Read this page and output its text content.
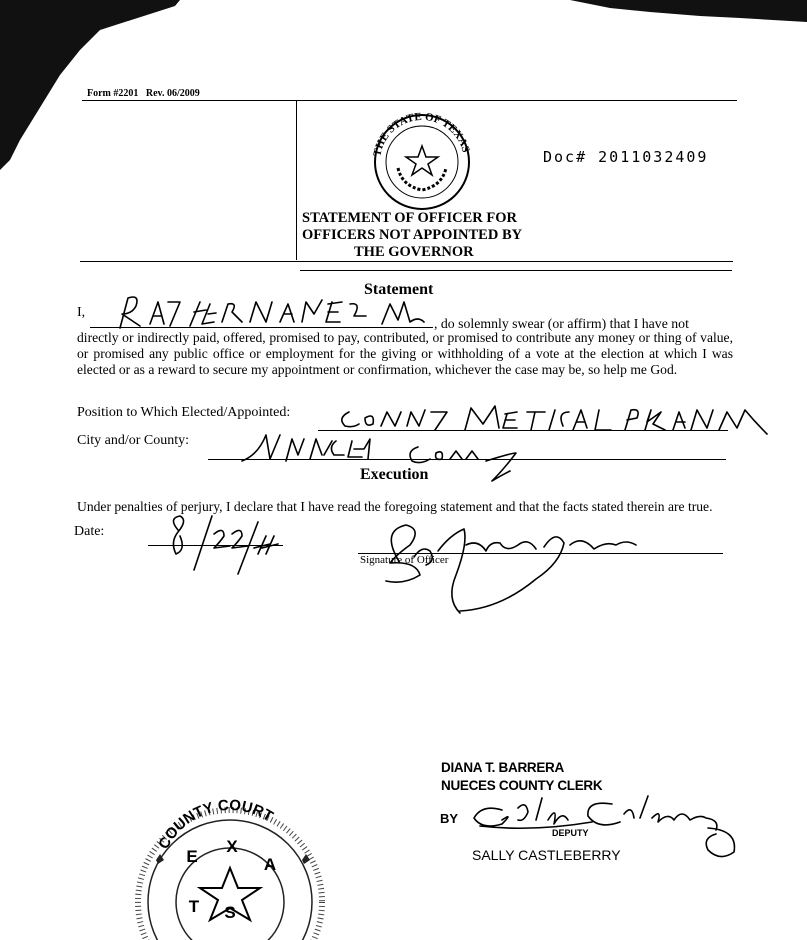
Form #2201 Rev. 06/2009
THE STATE OF TEXAS	Doc# 2011032409
STATEMENT OF OFFICER FOR
OFFICERS NOT APPOINTED BY
THE GOVERNOR
Statement
I,
, do solemnly swear (or affirm) that I have not
directly or indirectly paid, offered, promised to pay, contributed, or promised to contribute any money or thing of value, or promised any public office or employment for the giving or withholding of a vote at the election at which I was elected or as a reward to secure my appointment or confirmation, whichever the case may be, so help me God.
Position to Which Elected/Appointed:
City and/or County:
Execution
Under penalties of perjury, I declare that I have read the foregoing statement and that the facts stated therein are true.
Date:
Signature of Officer
DIANA T. BARRERA
NUECES COUNTY CLERK
BY
DEPUTY
SALLY CASTLEBERRY
COUNTY COURT
E
X
T
A
S
